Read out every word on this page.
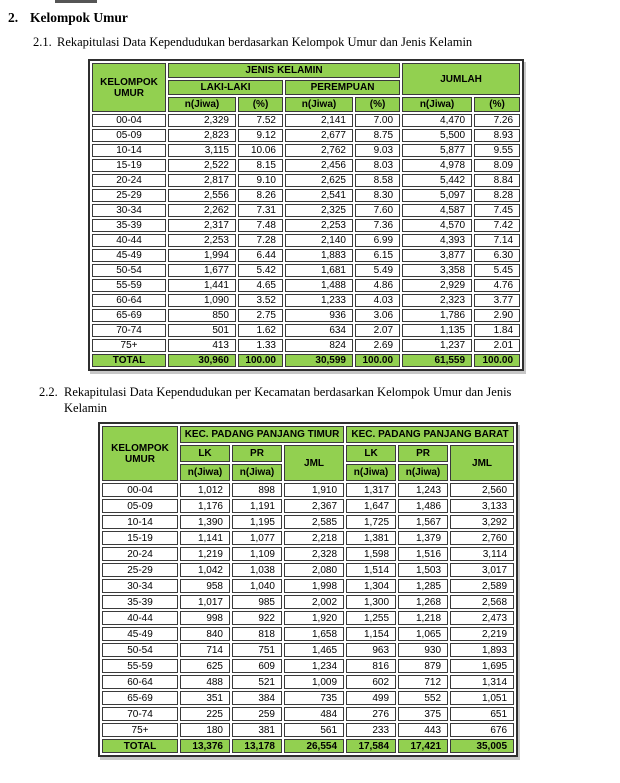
2. Kelompok Umur
2.1. Rekapitulasi Data Kependudukan berdasarkan Kelompok Umur dan Jenis Kelamin
KELOMPOK UMUR	JENIS KELAMIN				JUMLAH	
	LAKI-LAKI		PEREMPUAN			
	n(Jiwa)	(%)	n(Jiwa)	(%)	n(Jiwa)	(%)
00-04	2,329	7.52	2,141	7.00	4,470	7.26
05-09	2,823	9.12	2,677	8.75	5,500	8.93
10-14	3,115	10.06	2,762	9.03	5,877	9.55
15-19	2,522	8.15	2,456	8.03	4,978	8.09
20-24	2,817	9.10	2,625	8.58	5,442	8.84
25-29	2,556	8.26	2,541	8.30	5,097	8.28
30-34	2,262	7.31	2,325	7.60	4,587	7.45
35-39	2,317	7.48	2,253	7.36	4,570	7.42
40-44	2,253	7.28	2,140	6.99	4,393	7.14
45-49	1,994	6.44	1,883	6.15	3,877	6.30
50-54	1,677	5.42	1,681	5.49	3,358	5.45
55-59	1,441	4.65	1,488	4.86	2,929	4.76
60-64	1,090	3.52	1,233	4.03	2,323	3.77
65-69	850	2.75	936	3.06	1,786	2.90
70-74	501	1.62	634	2.07	1,135	1.84
75+	413	1.33	824	2.69	1,237	2.01
TOTAL	30,960	100.00	30,599	100.00	61,559	100.00
2.2. Rekapitulasi Data Kependudukan per Kecamatan berdasarkan Kelompok Umur dan Jenis Kelamin
KELOMPOK UMUR	KEC. PADANG PANJANG TIMUR			KEC. PADANG PANJANG BARAT		
	LK	PR	JML	LK	PR	JML
	n(Jiwa)	n(Jiwa)		n(Jiwa)	n(Jiwa)	
00-04	1,012	898	1,910	1,317	1,243	2,560
05-09	1,176	1,191	2,367	1,647	1,486	3,133
10-14	1,390	1,195	2,585	1,725	1,567	3,292
15-19	1,141	1,077	2,218	1,381	1,379	2,760
20-24	1,219	1,109	2,328	1,598	1,516	3,114
25-29	1,042	1,038	2,080	1,514	1,503	3,017
30-34	958	1,040	1,998	1,304	1,285	2,589
35-39	1,017	985	2,002	1,300	1,268	2,568
40-44	998	922	1,920	1,255	1,218	2,473
45-49	840	818	1,658	1,154	1,065	2,219
50-54	714	751	1,465	963	930	1,893
55-59	625	609	1,234	816	879	1,695
60-64	488	521	1,009	602	712	1,314
65-69	351	384	735	499	552	1,051
70-74	225	259	484	276	375	651
75+	180	381	561	233	443	676
TOTAL	13,376	13,178	26,554	17,584	17,421	35,005
